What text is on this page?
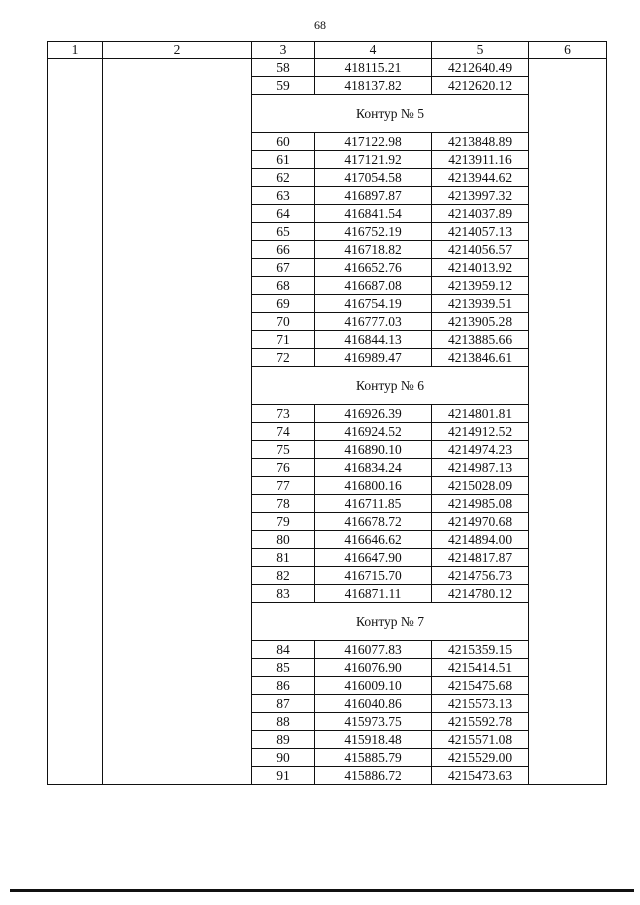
68
1	2	3	4	5	6
		58	418115.21	4212640.49	
		59	418137.82	4212620.12	
		Контур № 5			
		60	417122.98	4213848.89	
		61	417121.92	4213911.16	
		62	417054.58	4213944.62	
		63	416897.87	4213997.32	
		64	416841.54	4214037.89	
		65	416752.19	4214057.13	
		66	416718.82	4214056.57	
		67	416652.76	4214013.92	
		68	416687.08	4213959.12	
		69	416754.19	4213939.51	
		70	416777.03	4213905.28	
		71	416844.13	4213885.66	
		72	416989.47	4213846.61	
		Контур № 6			
		73	416926.39	4214801.81	
		74	416924.52	4214912.52	
		75	416890.10	4214974.23	
		76	416834.24	4214987.13	
		77	416800.16	4215028.09	
		78	416711.85	4214985.08	
		79	416678.72	4214970.68	
		80	416646.62	4214894.00	
		81	416647.90	4214817.87	
		82	416715.70	4214756.73	
		83	416871.11	4214780.12	
		Контур № 7			
		84	416077.83	4215359.15	
		85	416076.90	4215414.51	
		86	416009.10	4215475.68	
		87	416040.86	4215573.13	
		88	415973.75	4215592.78	
		89	415918.48	4215571.08	
		90	415885.79	4215529.00	
		91	415886.72	4215473.63	
